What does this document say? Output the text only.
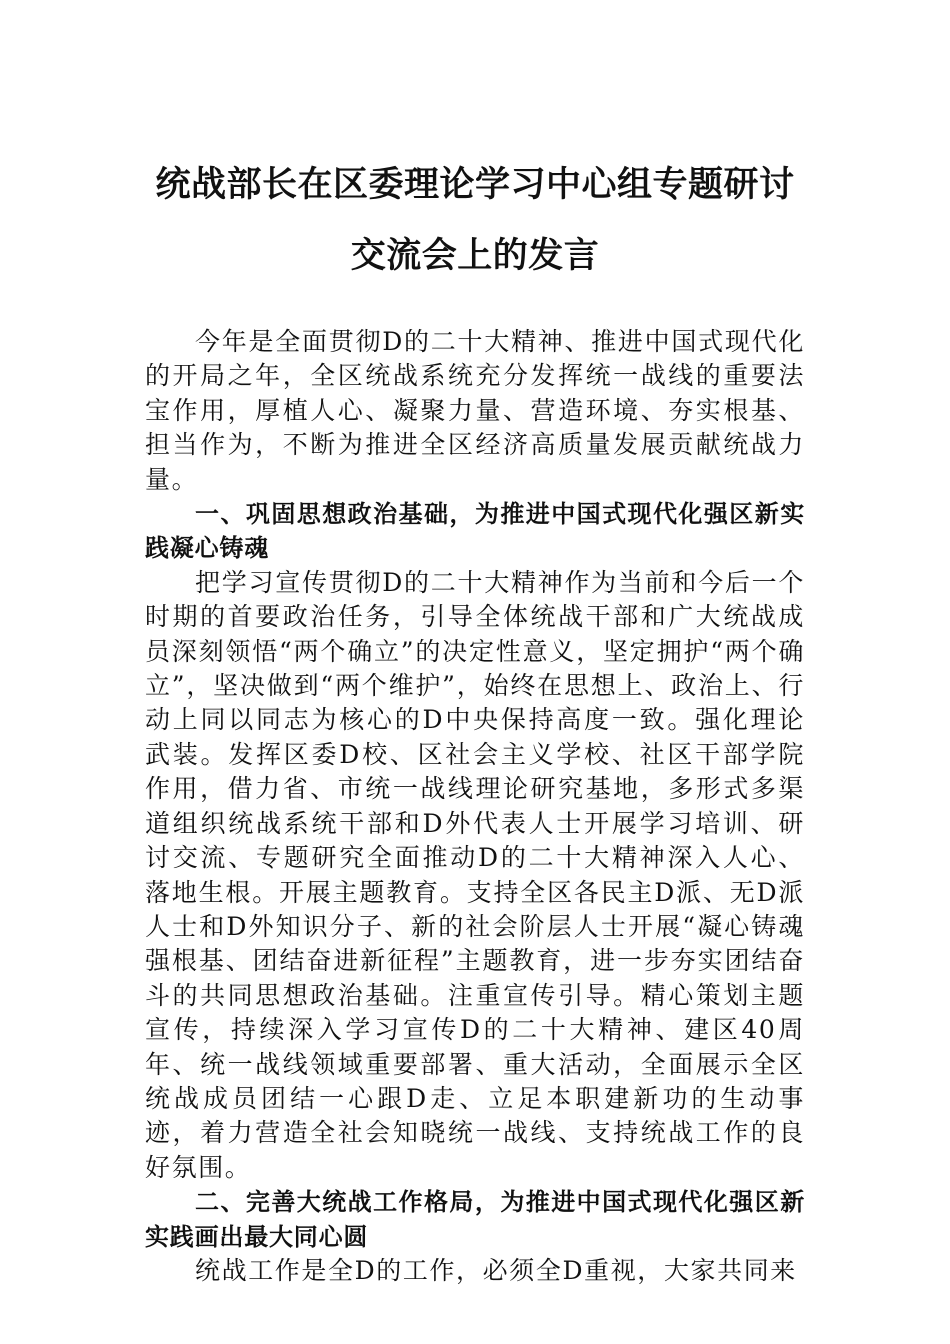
统战部长在区委理论学习中心组专题研讨
交流会上的发言

今年是全面贯彻D的二十大精神、推进中国式现代化的开局之年，全区统战系统充分发挥统一战线的重要法宝作用，厚植人心、凝聚力量、营造环境、夯实根基、担当作为，不断为推进全区经济高质量发展贡献统战力量。

一、巩固思想政治基础，为推进中国式现代化强区新实践凝心铸魂

把学习宣传贯彻D的二十大精神作为当前和今后一个时期的首要政治任务，引导全体统战干部和广大统战成员深刻领悟“两个确立”的决定性意义，坚定拥护“两个确立”，坚决做到“两个维护”，始终在思想上、政治上、行动上同以同志为核心的D中央保持高度一致。强化理论武装。发挥区委D校、区社会主义学校、社区干部学院作用，借力省、市统一战线理论研究基地，多形式多渠道组织统战系统干部和D外代表人士开展学习培训、研讨交流、专题研究全面推动D的二十大精神深入人心、落地生根。开展主题教育。支持全区各民主D派、无D派人士和D外知识分子、新的社会阶层人士开展“凝心铸魂强根基、团结奋进新征程”主题教育，进一步夯实团结奋斗的共同思想政治基础。注重宣传引导。精心策划主题宣传，持续深入学习宣传D的二十大精神、建区40周年、统一战线领域重要部署、重大活动，全面展示全区统战成员团结一心跟D走、立足本职建新功的生动事迹，着力营造全社会知晓统一战线、支持统战工作的良好氛围。

二、完善大统战工作格局，为推进中国式现代化强区新实践画出最大同心圆

统战工作是全D的工作，必须全D重视，大家共同来
